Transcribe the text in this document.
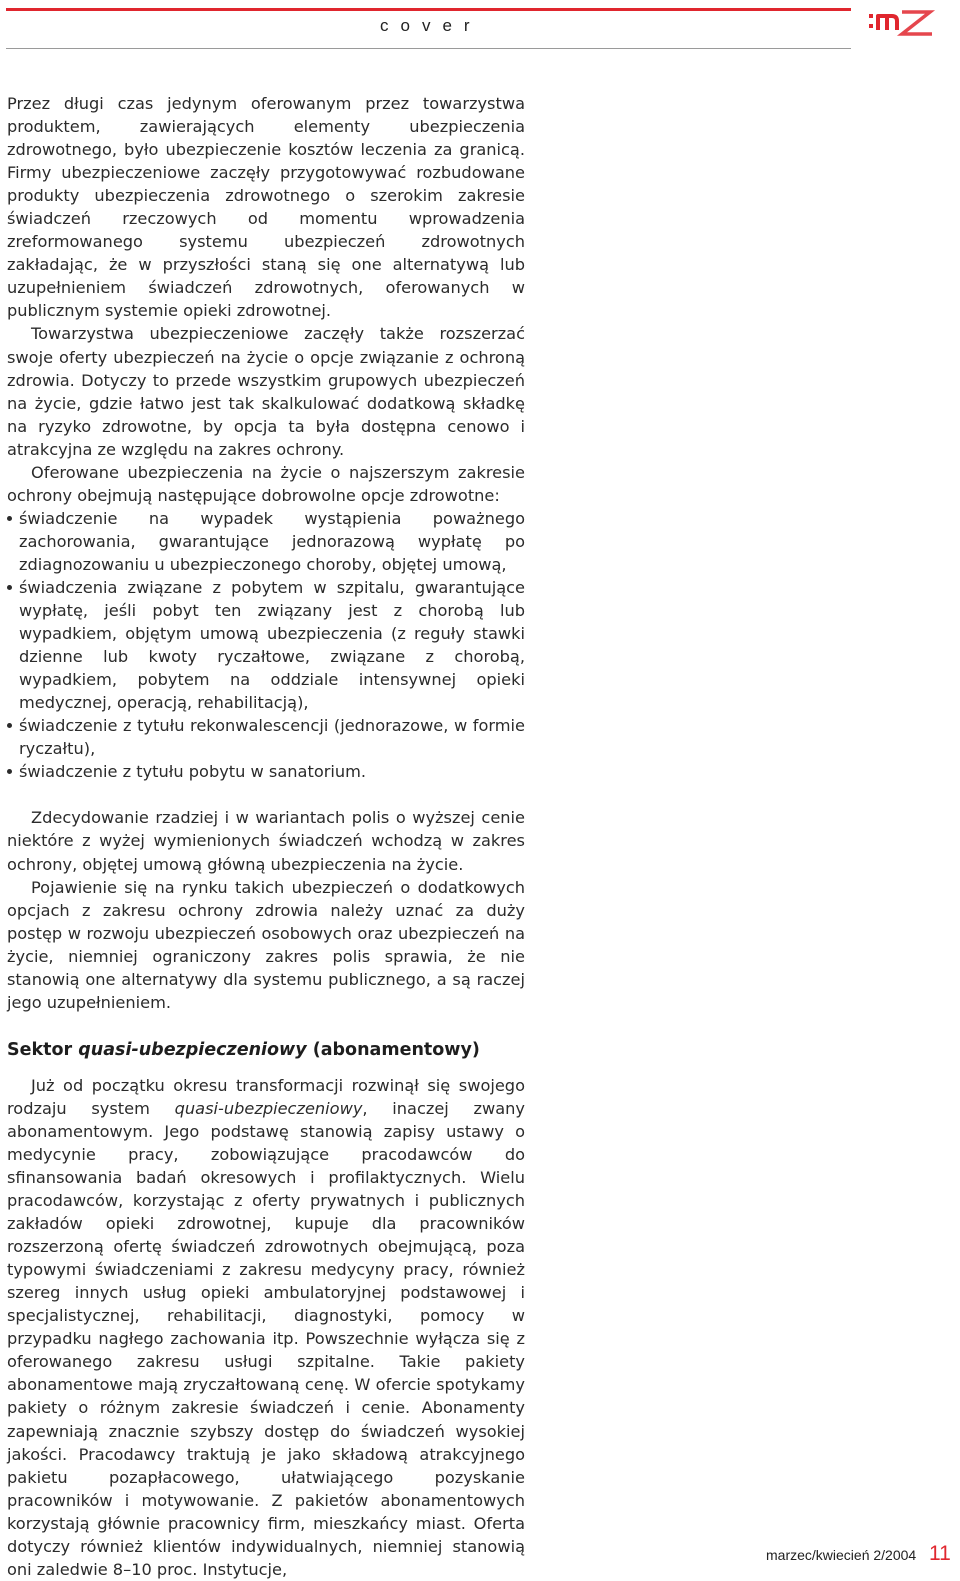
cover

Przez długi czas jedynym oferowanym przez towarzystwa produktem, zawierających elementy ubezpieczenia zdrowotnego, było ubezpieczenie kosztów leczenia za granicą. Firmy ubezpieczeniowe zaczęły przygotowywać rozbudowane produkty ubezpieczenia zdrowotnego o szerokim zakresie świadczeń rzeczowych od momentu wprowadzenia zreformowanego systemu ubezpieczeń zdrowotnych zakładając, że w przyszłości staną się one alternatywą lub uzupełnieniem świadczeń zdrowotnych, oferowanych w publicznym systemie opieki zdrowotnej.

Towarzystwa ubezpieczeniowe zaczęły także rozszerzać swoje oferty ubezpieczeń na życie o opcje związanie z ochroną zdrowia. Dotyczy to przede wszystkim grupowych ubezpieczeń na życie, gdzie łatwo jest tak skalkulować dodatkową składkę na ryzyko zdrowotne, by opcja ta była dostępna cenowo i atrakcyjna ze względu na zakres ochrony.

Oferowane ubezpieczenia na życie o najszerszym zakresie ochrony obejmują następujące dobrowolne opcje zdrowotne:

świadczenie na wypadek wystąpienia poważnego zachorowania, gwarantujące jednorazową wypłatę po zdiagnozowaniu u ubezpieczonego choroby, objętej umową,
świadczenia związane z pobytem w szpitalu, gwarantujące wypłatę, jeśli pobyt ten związany jest z chorobą lub wypadkiem, objętym umową ubezpieczenia (z reguły stawki dzienne lub kwoty ryczałtowe, związane z chorobą, wypadkiem, pobytem na oddziale intensywnej opieki medycznej, operacją, rehabilitacją),
świadczenie z tytułu rekonwalescencji (jednorazowe, w formie ryczałtu),
świadczenie z tytułu pobytu w sanatorium.

Zdecydowanie rzadziej i w wariantach polis o wyższej cenie niektóre z wyżej wymienionych świadczeń wchodzą w zakres ochrony, objętej umową główną ubezpieczenia na życie.

Pojawienie się na rynku takich ubezpieczeń o dodatkowych opcjach z zakresu ochrony zdrowia należy uznać za duży postęp w rozwoju ubezpieczeń osobowych oraz ubezpieczeń na życie, niemniej ograniczony zakres polis sprawia, że nie stanowią one alternatywy dla systemu publicznego, a są raczej jego uzupełnieniem.

Sektor quasi-ubezpieczeniowy (abonamentowy)

Już od początku okresu transformacji rozwinął się swojego rodzaju system quasi-ubezpieczeniowy, inaczej zwany abonamentowym. Jego podstawę stanowią zapisy ustawy o medycynie pracy, zobowiązujące pracodawców do sfinansowania badań okresowych i profilaktycznych. Wielu pracodawców, korzystając z oferty prywatnych i publicznych zakładów opieki zdrowotnej, kupuje dla pracowników rozszerzoną ofertę świadczeń zdrowotnych obejmującą, poza typowymi świadczeniami z zakresu medycyny pracy, również szereg innych usług opieki ambulatoryjnej podstawowej i specjalistycznej, rehabilitacji, diagnostyki, pomocy w przypadku nagłego zachowania itp. Powszechnie wyłącza się z oferowanego zakresu usługi szpitalne. Takie pakiety abonamentowe mają zryczałtowaną cenę. W ofercie spotykamy pakiety o różnym zakresie świadczeń i cenie. Abonamenty zapewniają znacznie szybszy dostęp do świadczeń wysokiej jakości. Pracodawcy traktują je jako składową atrakcyjnego pakietu pozapłacowego, ułatwiającego pozyskanie pracowników i motywowanie. Z pakietów abonamentowych korzystają głównie pracownicy firm, mieszkańcy miast. Oferta dotyczy również klientów indywidualnych, niemniej stanowią oni zaledwie 8–10 proc. Instytucje,

marzec/kwiecień 2/2004 11
